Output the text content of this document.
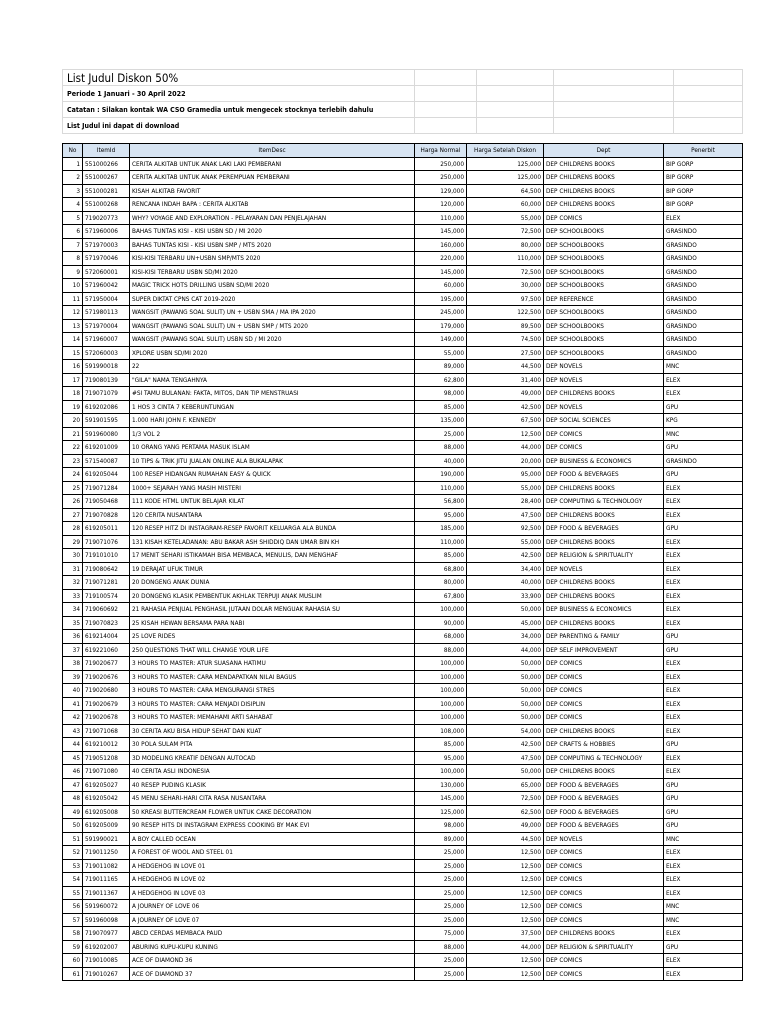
List Judul Diskon 50%				
Periode 1 Januari - 30 April 2022				
Catatan : Silakan kontak WA CSO Gramedia untuk mengecek stocknya terlebih dahulu				
List Judul ini dapat di download				
No	ItemId	ItemDesc	Harga Normal	Harga Setelah Diskon	Dept	Penerbit
1	551000266	CERITA ALKITAB UNTUK ANAK LAKI LAKI PEMBERANI	250,000	125,000	DEP CHILDRENS BOOKS	BIP GORP
2	551000267	CERITA ALKITAB UNTUK ANAK PEREMPUAN PEMBERANI	250,000	125,000	DEP CHILDRENS BOOKS	BIP GORP
3	551000281	KISAH ALKITAB FAVORIT	129,000	64,500	DEP CHILDRENS BOOKS	BIP GORP
4	551000268	RENCANA INDAH BAPA : CERITA ALKITAB	120,000	60,000	DEP CHILDRENS BOOKS	BIP GORP
5	719020773	WHY? VOYAGE AND EXPLORATION - PELAYARAN DAN PENJELAJAHAN	110,000	55,000	DEP COMICS	ELEX
6	571960006	BAHAS TUNTAS KISI - KISI USBN SD / MI 2020	145,000	72,500	DEP SCHOOLBOOKS	GRASINDO
7	571970003	BAHAS TUNTAS KISI - KISI USBN SMP / MTS 2020	160,000	80,000	DEP SCHOOLBOOKS	GRASINDO
8	571970046	KISI-KISI TERBARU UN+USBN SMP/MTS 2020	220,000	110,000	DEP SCHOOLBOOKS	GRASINDO
9	572060001	KISI-KISI TERBARU USBN SD/MI 2020	145,000	72,500	DEP SCHOOLBOOKS	GRASINDO
10	571960042	MAGIC TRICK HOTS DRILLING USBN SD/MI 2020	60,000	30,000	DEP SCHOOLBOOKS	GRASINDO
11	571950004	SUPER DIKTAT CPNS CAT 2019-2020	195,000	97,500	DEP REFERENCE	GRASINDO
12	571980113	WANGSIT (PAWANG SOAL SULIT) UN + USBN SMA / MA IPA 2020	245,000	122,500	DEP SCHOOLBOOKS	GRASINDO
13	571970004	WANGSIT (PAWANG SOAL SULIT) UN + USBN SMP / MTS 2020	179,000	89,500	DEP SCHOOLBOOKS	GRASINDO
14	571960007	WANGSIT (PAWANG SOAL SULIT) USBN SD / MI 2020	149,000	74,500	DEP SCHOOLBOOKS	GRASINDO
15	572060003	XPLORE USBN SD/MI 2020	55,000	27,500	DEP SCHOOLBOOKS	GRASINDO
16	591990018	22	89,000	44,500	DEP NOVELS	MNC
17	719080139	"GILA" NAMA TENGAHNYA	62,800	31,400	DEP NOVELS	ELEX
18	719071079	#SI TAMU BULANAN: FAKTA, MITOS, DAN TIP MENSTRUASI	98,000	49,000	DEP CHILDRENS BOOKS	ELEX
19	619202086	1 HOS 3 CINTA 7 KEBERUNTUNGAN	85,000	42,500	DEP NOVELS	GPU
20	591901595	1.000 HARI JOHN F. KENNEDY	135,000	67,500	DEP SOCIAL SCIENCES	KPG
21	591960080	1/3 VOL 2	25,000	12,500	DEP COMICS	MNC
22	619201009	10 ORANG YANG PERTAMA MASUK ISLAM	88,000	44,000	DEP COMICS	GPU
23	571540087	10 TIPS & TRIK JITU JUALAN ONLINE ALA BUKALAPAK	40,000	20,000	DEP BUSINESS & ECONOMICS	GRASINDO
24	619205044	100 RESEP HIDANGAN RUMAHAN EASY & QUICK	190,000	95,000	DEP FOOD & BEVERAGES	GPU
25	719071284	1000+ SEJARAH YANG MASIH MISTERI	110,000	55,000	DEP CHILDRENS BOOKS	ELEX
26	719050468	111 KODE HTML UNTUK BELAJAR KILAT	56,800	28,400	DEP COMPUTING & TECHNOLOGY	ELEX
27	719070828	120 CERITA NUSANTARA	95,000	47,500	DEP CHILDRENS BOOKS	ELEX
28	619205011	120 RESEP HITZ DI INSTAGRAM-RESEP FAVORIT KELUARGA ALA BUNDA	185,000	92,500	DEP FOOD & BEVERAGES	GPU
29	719071076	131 KISAH KETELADANAN: ABU BAKAR ASH SHIDDIQ DAN UMAR BIN KH	110,000	55,000	DEP CHILDRENS BOOKS	ELEX
30	719101010	17 MENIT SEHARI ISTIKAMAH BISA MEMBACA, MENULIS, DAN MENGHAF	85,000	42,500	DEP RELIGION & SPIRITUALITY	ELEX
31	719080642	19 DERAJAT UFUK TIMUR	68,800	34,400	DEP NOVELS	ELEX
32	719071281	20 DONGENG ANAK DUNIA	80,000	40,000	DEP CHILDRENS BOOKS	ELEX
33	719100574	20 DONGENG KLASIK PEMBENTUK AKHLAK TERPUJI ANAK MUSLIM	67,800	33,900	DEP CHILDRENS BOOKS	ELEX
34	719060692	21 RAHASIA PENJUAL PENGHASIL JUTAAN DOLAR MENGUAK RAHASIA SU	100,000	50,000	DEP BUSINESS & ECONOMICS	ELEX
35	719070823	25 KISAH HEWAN BERSAMA PARA NABI	90,000	45,000	DEP CHILDRENS BOOKS	ELEX
36	619214004	25 LOVE RIDES	68,000	34,000	DEP PARENTING & FAMILY	GPU
37	619221060	250 QUESTIONS THAT WILL CHANGE YOUR LIFE	88,000	44,000	DEP SELF IMPROVEMENT	GPU
38	719020677	3 HOURS TO MASTER: ATUR SUASANA HATIMU	100,000	50,000	DEP COMICS	ELEX
39	719020676	3 HOURS TO MASTER: CARA MENDAPATKAN NILAI BAGUS	100,000	50,000	DEP COMICS	ELEX
40	719020680	3 HOURS TO MASTER: CARA MENGURANGI STRES	100,000	50,000	DEP COMICS	ELEX
41	719020679	3 HOURS TO MASTER: CARA MENJADI DISIPLIN	100,000	50,000	DEP COMICS	ELEX
42	719020678	3 HOURS TO MASTER: MEMAHAMI ARTI SAHABAT	100,000	50,000	DEP COMICS	ELEX
43	719071068	30 CERITA AKU BISA HIDUP SEHAT DAN KUAT	108,000	54,000	DEP CHILDRENS BOOKS	ELEX
44	619210012	30 POLA SULAM PITA	85,000	42,500	DEP CRAFTS & HOBBIES	GPU
45	719051208	3D MODELING KREATIF DENGAN AUTOCAD	95,000	47,500	DEP COMPUTING & TECHNOLOGY	ELEX
46	719071080	40 CERITA ASLI INDONESIA	100,000	50,000	DEP CHILDRENS BOOKS	ELEX
47	619205027	40 RESEP PUDING KLASIK	130,000	65,000	DEP FOOD & BEVERAGES	GPU
48	619205042	45 MENU SEHARI-HARI CITA RASA NUSANTARA	145,000	72,500	DEP FOOD & BEVERAGES	GPU
49	619205008	50 KREASI BUTTERCREAM FLOWER UNTUK CAKE DECORATION	125,000	62,500	DEP FOOD & BEVERAGES	GPU
50	619205009	90 RESEP HITS DI INSTAGRAM EXPRESS COOKING BY MAK EVI	98,000	49,000	DEP FOOD & BEVERAGES	GPU
51	591990021	A BOY CALLED OCEAN	89,000	44,500	DEP NOVELS	MNC
52	719011250	A FOREST OF WOOL AND STEEL 01	25,000	12,500	DEP COMICS	ELEX
53	719011082	A HEDGEHOG IN LOVE 01	25,000	12,500	DEP COMICS	ELEX
54	719011165	A HEDGEHOG IN LOVE 02	25,000	12,500	DEP COMICS	ELEX
55	719011367	A HEDGEHOG IN LOVE 03	25,000	12,500	DEP COMICS	ELEX
56	591960072	A JOURNEY OF LOVE 06	25,000	12,500	DEP COMICS	MNC
57	591960098	A JOURNEY OF LOVE 07	25,000	12,500	DEP COMICS	MNC
58	719070977	ABCD CERDAS MEMBACA PAUD	75,000	37,500	DEP CHILDRENS BOOKS	ELEX
59	619202007	ABURING KUPU-KUPU KUNING	88,000	44,000	DEP RELIGION & SPIRITUALITY	GPU
60	719010085	ACE OF DIAMOND 36	25,000	12,500	DEP COMICS	ELEX
61	719010267	ACE OF DIAMOND 37	25,000	12,500	DEP COMICS	ELEX
